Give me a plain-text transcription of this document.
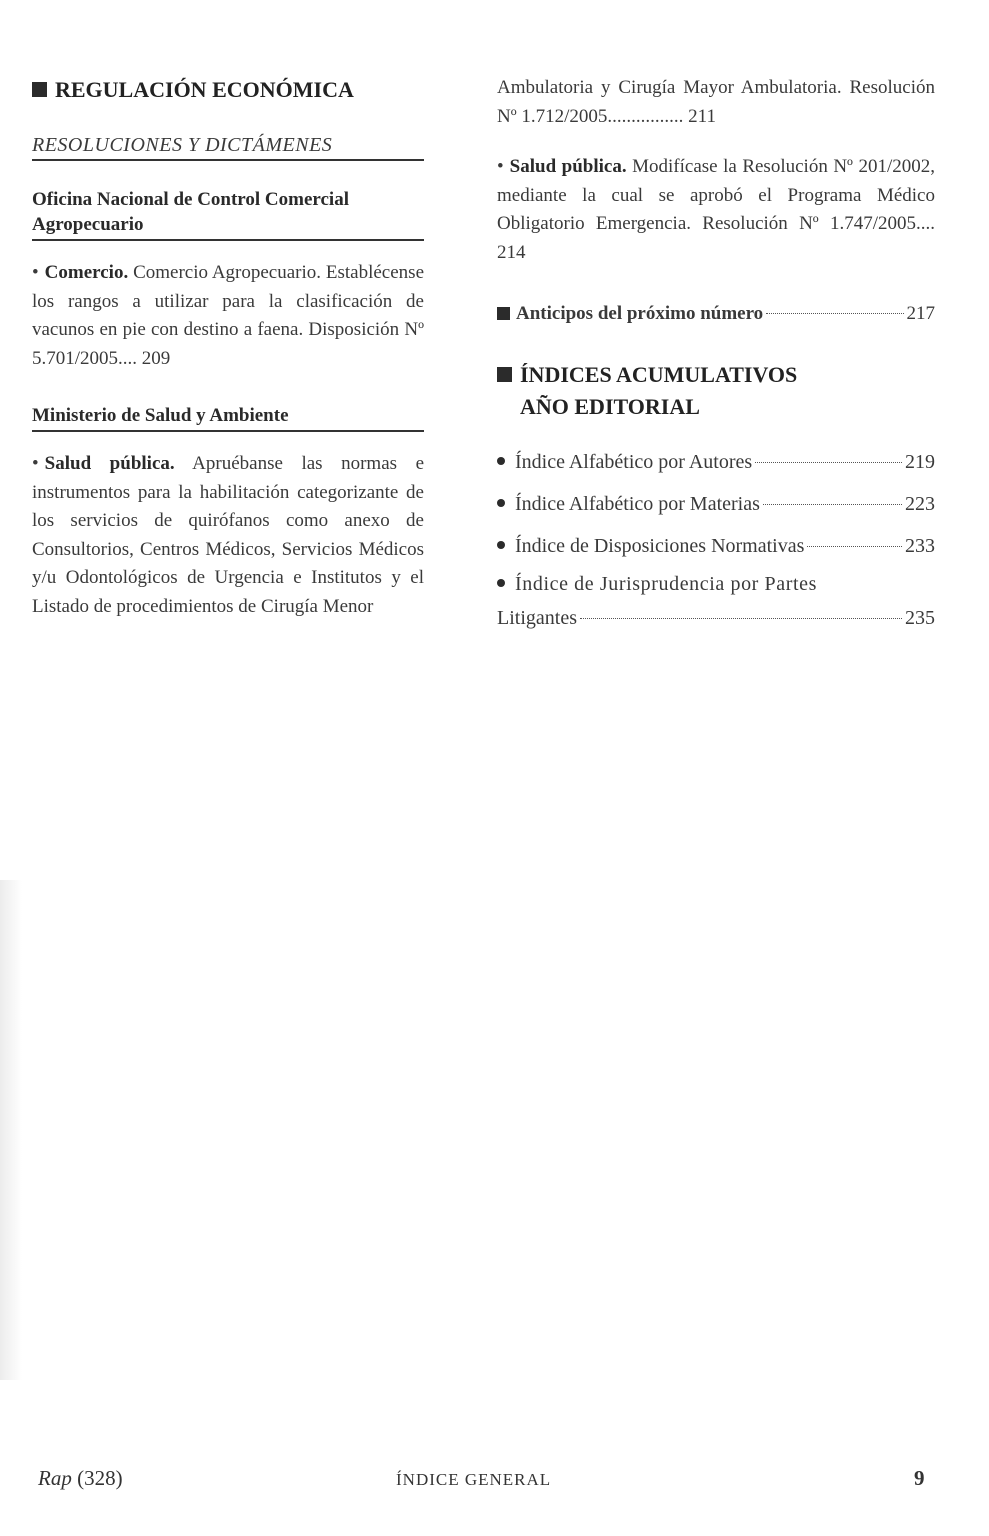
REGULACIÓN ECONÓMICA
RESOLUCIONES Y DICTÁMENES
Oficina Nacional de Control Comercial Agropecuario
• Comercio. Comercio Agropecuario. Establécense los rangos a utilizar para la clasificación de vacunos en pie con destino a faena. Disposición Nº 5.701/2005.... 209
Ministerio de Salud y Ambiente
• Salud pública. Apruébanse las normas e instrumentos para la habilitación categorizante de los servicios de quirófanos como anexo de Consultorios, Centros Médicos, Servicios Médicos y/u Odontológicos de Urgencia e Institutos y el Listado de procedimientos de Cirugía Menor
Ambulatoria y Cirugía Mayor Ambulatoria. Resolución Nº 1.712/2005................ 211
• Salud pública. Modifícase la Resolución Nº 201/2002, mediante la cual se aprobó el Programa Médico Obligatorio Emergencia. Resolución Nº 1.747/2005.... 214
Anticipos del próximo número	217
ÍNDICES ACUMULATIVOS
AÑO EDITORIAL
Índice Alfabético por Autores	219
Índice Alfabético por Materias	223
Índice de Disposiciones Normativas	233
Índice de Jurisprudencia por Partes
Litigantes	235
Rap (328)	ÍNDICE GENERAL	9
